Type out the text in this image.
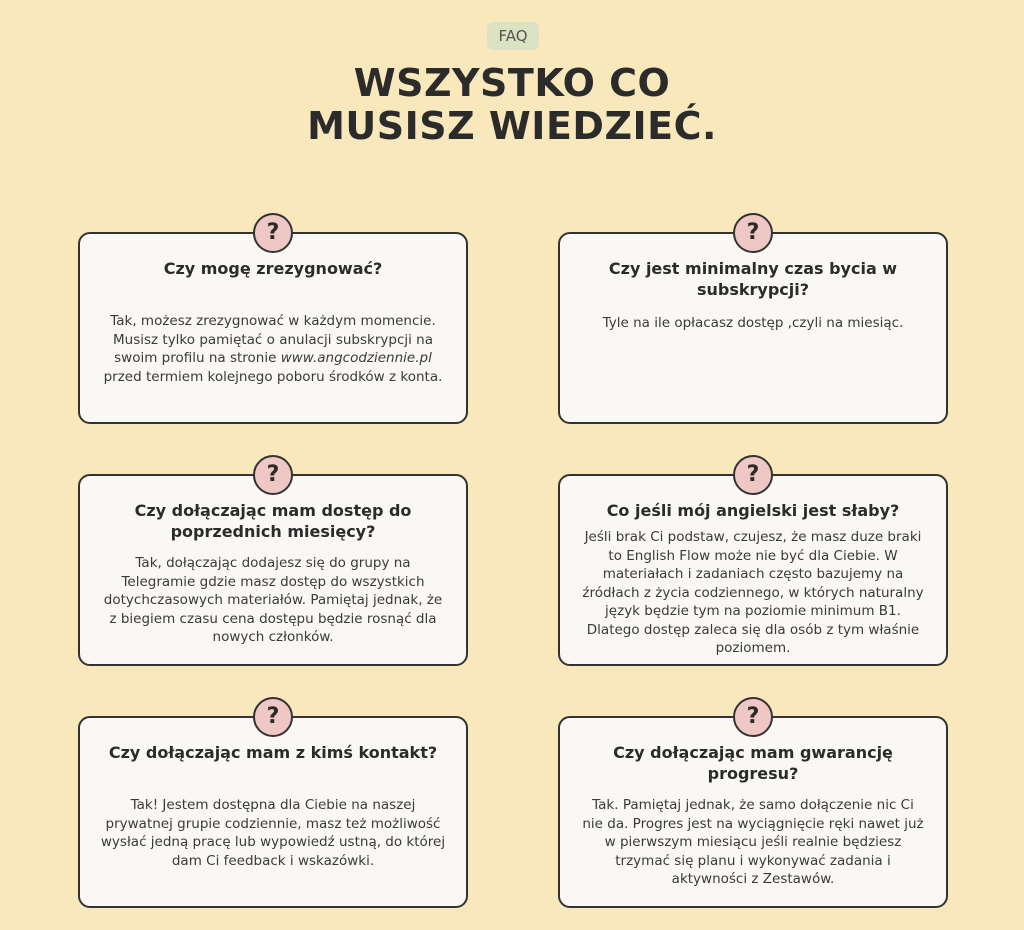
FAQ
WSZYSTKO CO
MUSISZ WIEDZIEĆ.
?
Czy mogę zrezygnować?

Tak, możesz zrezygnować w każdym momencie. Musisz tylko pamiętać o anulacji subskrypcji na swoim profilu na stronie www.angcodziennie.pl przed termiem kolejnego poboru środków z konta.

?
Czy jest minimalny czas bycia w subskrypcji?

Tyle na ile opłacasz dostęp ,czyli na miesiąc.

?
Czy dołączając mam dostęp do poprzednich miesięcy?

Tak, dołączając dodajesz się do grupy na Telegramie gdzie masz dostęp do wszystkich dotychczasowych materiałów. Pamiętaj jednak, że z biegiem czasu cena dostępu będzie rosnąć dla nowych członków.

?
Co jeśli mój angielski jest słaby?

Jeśli brak Ci podstaw, czujesz, że masz duze braki to English Flow może nie być dla Ciebie. W materiałach i zadaniach często bazujemy na źródłach z życia codziennego, w których naturalny język będzie tym na poziomie minimum B1. Dlatego dostęp zaleca się dla osób z tym właśnie poziomem.

?
Czy dołączając mam z kimś kontakt?

Tak! Jestem dostępna dla Ciebie na naszej prywatnej grupie codziennie, masz też możliwość wysłać jedną pracę lub wypowiedź ustną, do której dam Ci feedback i wskazówki.

?
Czy dołączając mam gwarancję progresu?

Tak. Pamiętaj jednak, że samo dołączenie nic Ci nie da. Progres jest na wyciągnięcie ręki nawet już w pierwszym miesiącu jeśli realnie będziesz trzymać się planu i wykonywać zadania i aktywności z Zestawów.
